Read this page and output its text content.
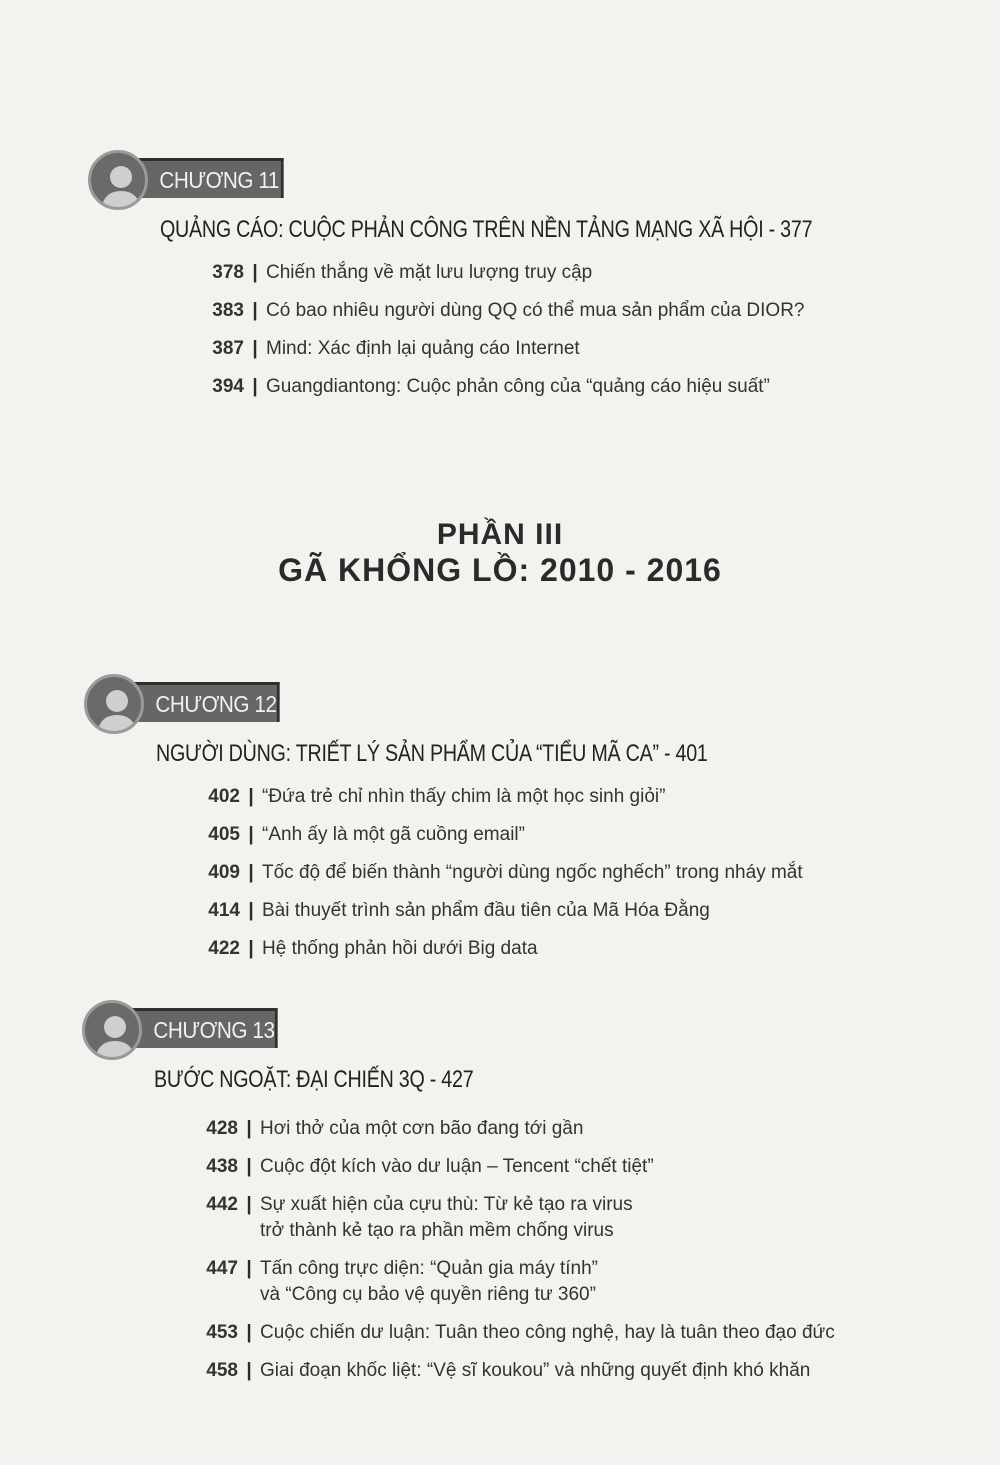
CHƯƠNG 11
QUẢNG CÁO: CUỘC PHẢN CÔNG TRÊN NỀN TẢNG MẠNG XÃ HỘI - 377
378 | Chiến thắng về mặt lưu lượng truy cập
383 | Có bao nhiêu người dùng QQ có thể mua sản phẩm của DIOR?
387 | Mind: Xác định lại quảng cáo Internet
394 | Guangdiantong: Cuộc phản công của “quảng cáo hiệu suất”
PHẦN III
GÃ KHỔNG LỒ: 2010 - 2016
CHƯƠNG 12
NGƯỜI DÙNG: TRIẾT LÝ SẢN PHẨM CỦA “TIỂU MÃ CA” - 401
402 | “Đứa trẻ chỉ nhìn thấy chim là một học sinh giỏi”
405 | “Anh ấy là một gã cuồng email”
409 | Tốc độ để biến thành “người dùng ngốc nghếch” trong nháy mắt
414 | Bài thuyết trình sản phẩm đầu tiên của Mã Hóa Đằng
422 | Hệ thống phản hồi dưới Big data
CHƯƠNG 13
BƯỚC NGOẶT: ĐẠI CHIẾN 3Q - 427
428 | Hơi thở của một cơn bão đang tới gần
438 | Cuộc đột kích vào dư luận – Tencent “chết tiệt”
442 | Sự xuất hiện của cựu thù: Từ kẻ tạo ra virus
trở thành kẻ tạo ra phần mềm chống virus
447 | Tấn công trực diện: “Quản gia máy tính”
và “Công cụ bảo vệ quyền riêng tư 360”
453 | Cuộc chiến dư luận: Tuân theo công nghệ, hay là tuân theo đạo đức
458 | Giai đoạn khốc liệt: “Vệ sĩ koukou” và những quyết định khó khăn
